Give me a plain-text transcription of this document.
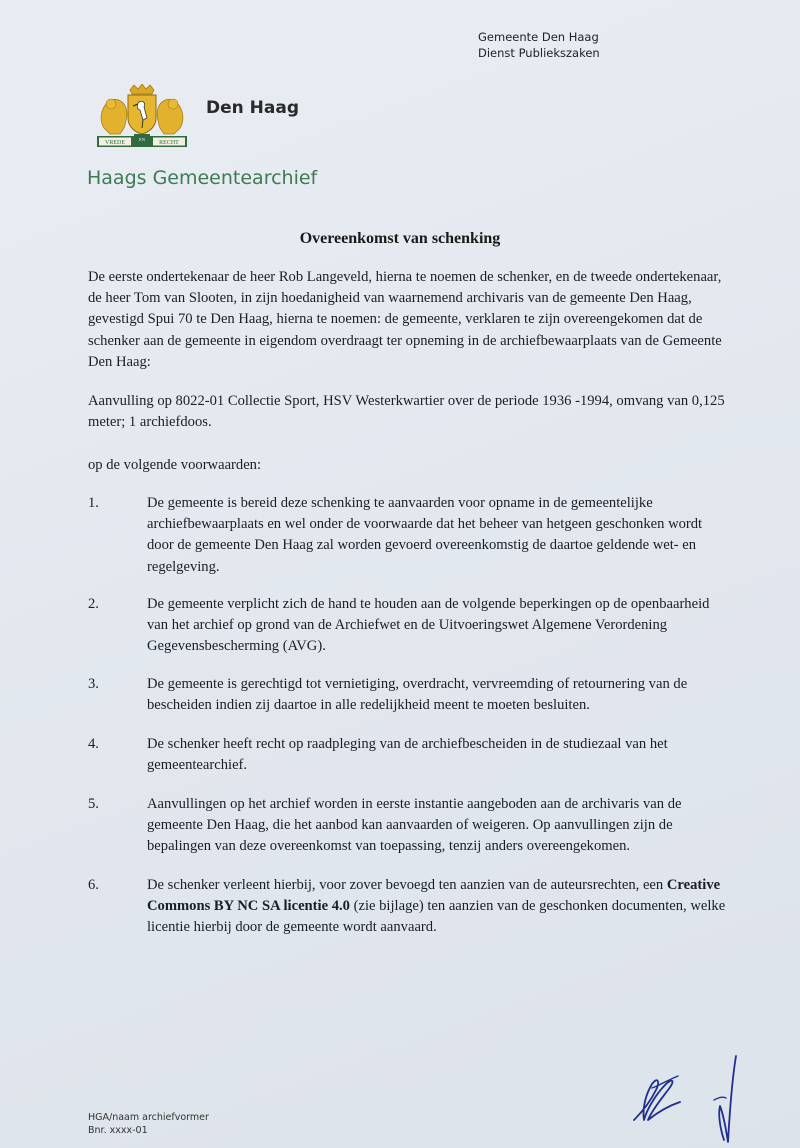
Gemeente Den Haag
Dienst Publiekszaken
VREDE
EN
RECHT
Den Haag
Haags Gemeentearchief
Overeenkomst van schenking
De eerste ondertekenaar de heer Rob Langeveld, hierna te noemen de schenker, en de tweede ondertekenaar, de heer Tom van Slooten, in zijn hoedanigheid van waarnemend archivaris van de gemeente Den Haag, gevestigd Spui 70 te Den Haag, hierna te noemen: de gemeente, verklaren te zijn overeengekomen dat de schenker aan de gemeente in eigendom overdraagt ter opneming in de archiefbewaarplaats van de Gemeente Den Haag:
Aanvulling op 8022-01 Collectie Sport, HSV Westerkwartier over de periode 1936 -1994, omvang van 0,125 meter; 1 archiefdoos.
op de volgende voorwaarden:
1.	De gemeente is bereid deze schenking te aanvaarden voor opname in de gemeentelijke archiefbewaarplaats en wel onder de voorwaarde dat het beheer van hetgeen geschonken wordt door de gemeente Den Haag zal worden gevoerd overeenkomstig de daartoe geldende wet- en regelgeving.
2.	De gemeente verplicht zich de hand te houden aan de volgende beperkingen op de openbaarheid van het archief op grond van de Archiefwet en de Uitvoeringswet Algemene Verordening Gegevensbescherming (AVG).
3.	De gemeente is gerechtigd tot vernietiging, overdracht, vervreemding of retournering van de bescheiden indien zij daartoe in alle redelijkheid meent te moeten besluiten.
4.	De schenker heeft recht op raadpleging van de archiefbescheiden in de studiezaal van het gemeentearchief.
5.	Aanvullingen op het archief worden in eerste instantie aangeboden aan de archivaris van de gemeente Den Haag, die het aanbod kan aanvaarden of weigeren. Op aanvullingen zijn de bepalingen van deze overeenkomst van toepassing, tenzij anders overeengekomen.
6.	De schenker verleent hierbij, voor zover bevoegd ten aanzien van de auteursrechten, een Creative Commons BY NC SA licentie 4.0 (zie bijlage) ten aanzien van de geschonken documenten, welke licentie hierbij door de gemeente wordt aanvaard.
HGA/naam archiefvormer
Bnr. xxxx-01
